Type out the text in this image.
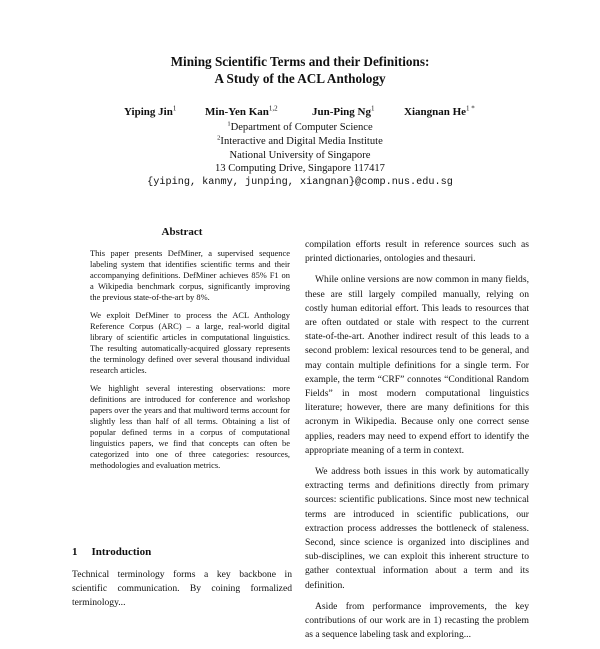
Mining Scientific Terms and their Definitions:
A Study of the ACL Anthology
Yiping Jin$^1$	Min-Yen Kan$^{1,2}$	Jun-Ping Ng$^1$	Xiangnan $He^{1 *}$
$^1$Department of Computer Science
$^2$Interactive and Digital Media Institute
National University of Singapore
13 Computing Drive, Singapore 117417
{yiping, kanmy, junping, xiangnan}@comp.nus.edu.sg
Abstract

This paper presents DefMiner, a supervised sequence labeling system that identifies scientific terms and their accompanying definitions. DefMiner achieves 85% F1 on a Wikipedia benchmark corpus, significantly improving the previous state-of-the-art by 8%.

We exploit DefMiner to process the ACL Anthology Reference Corpus (ARC) – a large, real-world digital library of scientific articles in computational linguistics. The resulting automatically-acquired glossary represents the terminology defined over several thousand individual research articles.

We highlight several interesting observations: more definitions are introduced for conference and workshop papers over the years and that multiword terms account for slightly less than half of all terms. Obtaining a list of popular defined terms in a corpus of computational linguistics papers, we find that concepts can often be categorized into one of three categories: resources, methodologies and evaluation metrics.

1 Introduction

Technical terminology forms a key backbone in scientific communication. By coining formalized terminology...

compilation efforts result in reference sources such as printed dictionaries, ontologies and thesauri.

While online versions are now common in many fields, these are still largely compiled manually, relying on costly human editorial effort. This leads to resources that are often outdated or stale with respect to the current state-of-the-art. Another indirect result of this leads to a second problem: lexical resources tend to be general, and may contain multiple definitions for a single term. For example, the term “CRF” connotes “Conditional Random Fields” in most modern computational linguistics literature; however, there are many definitions for this acronym in Wikipedia. Because only one correct sense applies, readers may need to expend effort to identify the appropriate meaning of a term in context.

We address both issues in this work by automatically extracting terms and definitions directly from primary sources: scientific publications. Since most new technical terms are introduced in scientific publications, our extraction process addresses the bottleneck of staleness. Second, since science is organized into disciplines and sub-disciplines, we can exploit this inherent structure to gather contextual information about a term and its definition.

Aside from performance improvements, the key contributions of our work are in 1) recasting the problem as a sequence labeling task and exploring...
